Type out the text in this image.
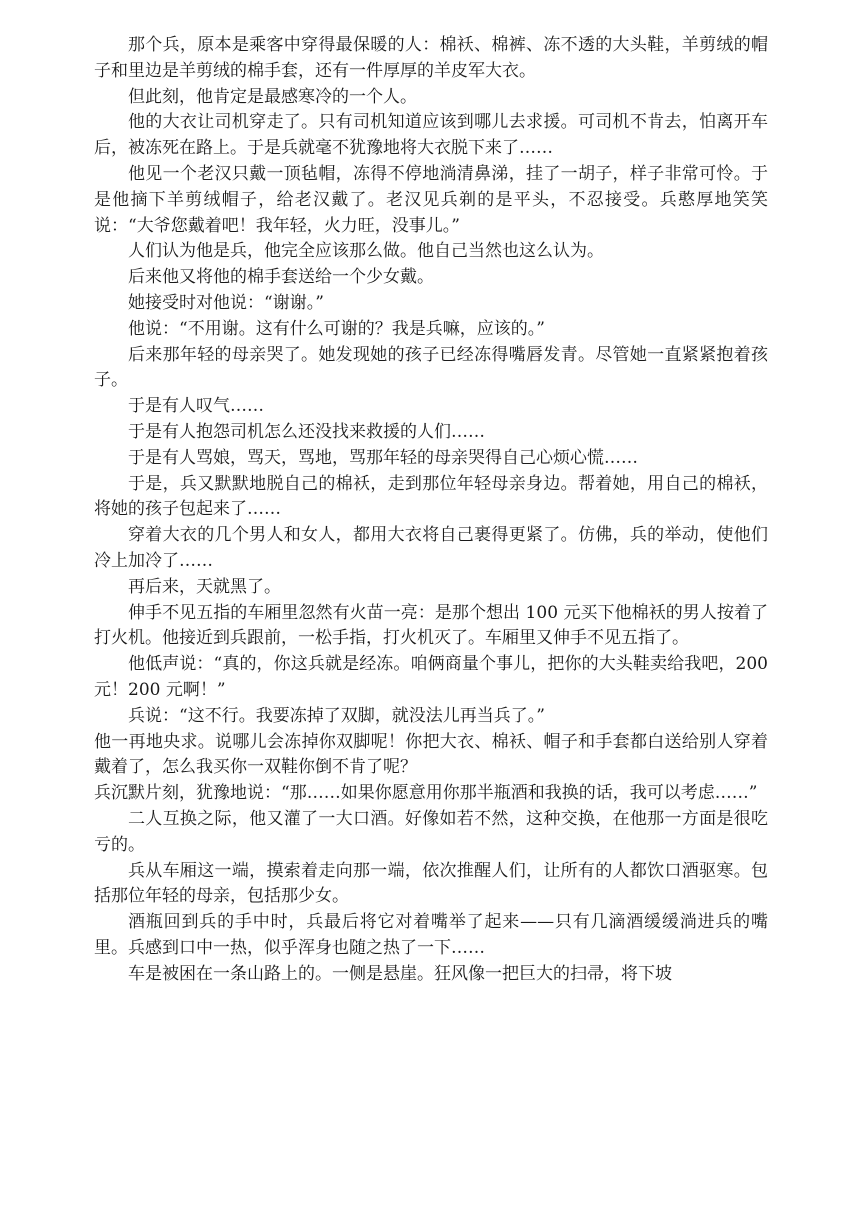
那个兵，原本是乘客中穿得最保暖的人：棉袄、棉裤、冻不透的大头鞋，羊剪绒的帽子和里边是羊剪绒的棉手套，还有一件厚厚的羊皮军大衣。

但此刻，他肯定是最感寒冷的一个人。

他的大衣让司机穿走了。只有司机知道应该到哪儿去求援。可司机不肯去，怕离开车后，被冻死在路上。于是兵就毫不犹豫地将大衣脱下来了……

他见一个老汉只戴一顶毡帽，冻得不停地淌清鼻涕，挂了一胡子，样子非常可怜。于是他摘下羊剪绒帽子，给老汉戴了。老汉见兵剃的是平头，不忍接受。兵憨厚地笑笑说：“大爷您戴着吧！我年轻，火力旺，没事儿。”

人们认为他是兵，他完全应该那么做。他自己当然也这么认为。

后来他又将他的棉手套送给一个少女戴。

她接受时对他说：“谢谢。”

他说：“不用谢。这有什么可谢的？我是兵嘛，应该的。”

后来那年轻的母亲哭了。她发现她的孩子已经冻得嘴唇发青。尽管她一直紧紧抱着孩子。

于是有人叹气……

于是有人抱怨司机怎么还没找来救援的人们……

于是有人骂娘，骂天，骂地，骂那年轻的母亲哭得自己心烦心慌……

于是，兵又默默地脱自己的棉袄，走到那位年轻母亲身边。帮着她，用自己的棉袄，将她的孩子包起来了……

穿着大衣的几个男人和女人，都用大衣将自己裹得更紧了。仿佛，兵的举动，使他们冷上加冷了……

再后来，天就黑了。

伸手不见五指的车厢里忽然有火苗一亮：是那个想出 100 元买下他棉袄的男人按着了打火机。他接近到兵跟前，一松手指，打火机灭了。车厢里又伸手不见五指了。

他低声说：“真的，你这兵就是经冻。咱俩商量个事儿，把你的大头鞋卖给我吧，200 元！200 元啊！”

兵说：“这不行。我要冻掉了双脚，就没法儿再当兵了。”

他一再地央求。说哪儿会冻掉你双脚呢！你把大衣、棉袄、帽子和手套都白送给别人穿着戴着了，怎么我买你一双鞋你倒不肯了呢？

兵沉默片刻，犹豫地说：“那……如果你愿意用你那半瓶酒和我换的话，我可以考虑……”

二人互换之际，他又灌了一大口酒。好像如若不然，这种交换，在他那一方面是很吃亏的。

兵从车厢这一端，摸索着走向那一端，依次推醒人们，让所有的人都饮口酒驱寒。包括那位年轻的母亲，包括那少女。

酒瓶回到兵的手中时，兵最后将它对着嘴举了起来——只有几滴酒缓缓淌进兵的嘴里。兵感到口中一热，似乎浑身也随之热了一下……

车是被困在一条山路上的。一侧是悬崖。狂风像一把巨大的扫帚，将下坡
